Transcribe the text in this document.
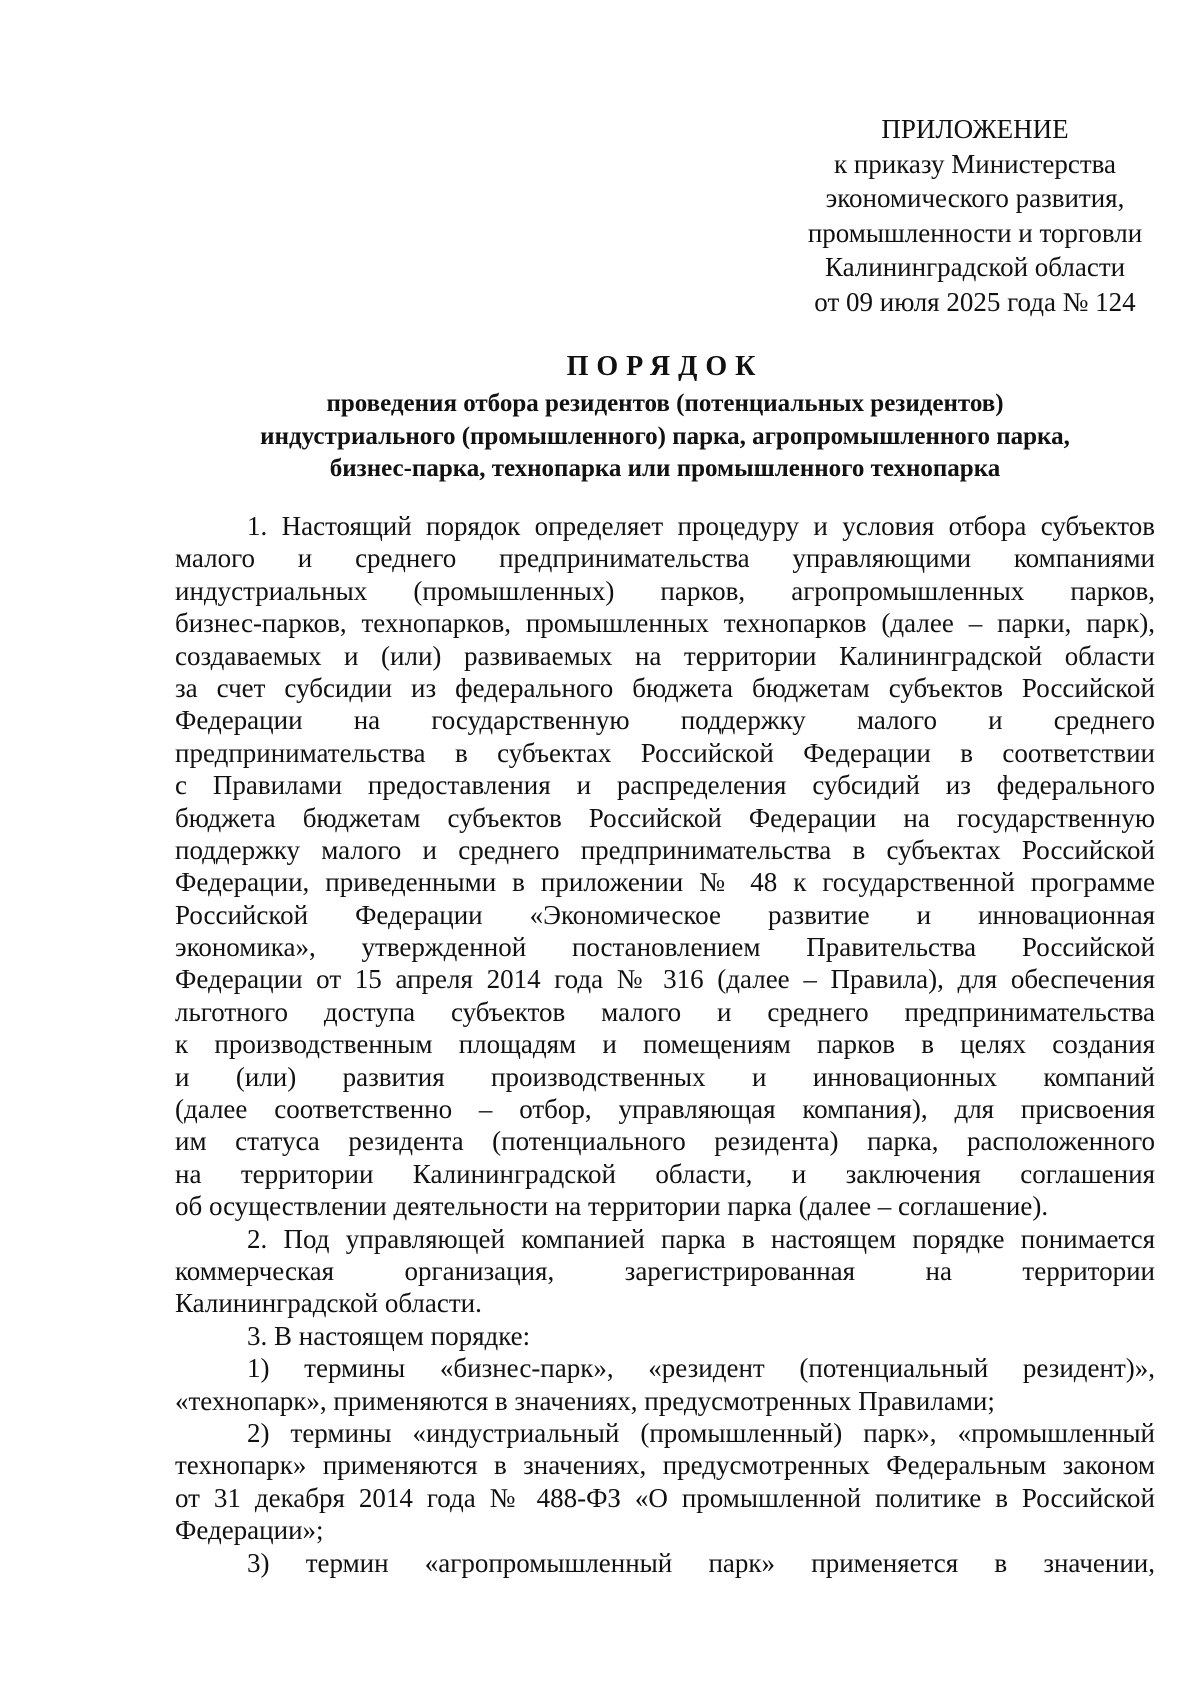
ПРИЛОЖЕНИЕ
к приказу Министерства
экономического развития,
промышленности и торговли
Калининградской области
от 09 июля 2025 года № 124
ПОРЯДОК
проведения отбора резидентов (потенциальных резидентов)
индустриального (промышленного) парка, агропромышленного парка,
бизнес-парка, технопарка или промышленного технопарка
1. Настоящий порядок определяет процедуру и условия отбора субъектов
малого и среднего предпринимательства управляющими компаниями
индустриальных (промышленных) парков, агропромышленных парков,
бизнес-парков, технопарков, промышленных технопарков (далее – парки, парк),
создаваемых и (или) развиваемых на территории Калининградской области
за счет субсидии из федерального бюджета бюджетам субъектов Российской
Федерации на государственную поддержку малого и среднего
предпринимательства в субъектах Российской Федерации в соответствии
с Правилами предоставления и распределения субсидий из федерального
бюджета бюджетам субъектов Российской Федерации на государственную
поддержку малого и среднего предпринимательства в субъектах Российской
Федерации, приведенными в приложении № 48 к государственной программе
Российской Федерации «Экономическое развитие и инновационная
экономика», утвержденной постановлением Правительства Российской
Федерации от 15 апреля 2014 года № 316 (далее – Правила), для обеспечения
льготного доступа субъектов малого и среднего предпринимательства
к производственным площадям и помещениям парков в целях создания
и (или) развития производственных и инновационных компаний
(далее соответственно – отбор, управляющая компания), для присвоения
им статуса резидента (потенциального резидента) парка, расположенного
на территории Калининградской области, и заключения соглашения
об осуществлении деятельности на территории парка (далее – соглашение).
2. Под управляющей компанией парка в настоящем порядке понимается
коммерческая организация, зарегистрированная на территории
Калининградской области.
3. В настоящем порядке:
1) термины «бизнес-парк», «резидент (потенциальный резидент)»,
«технопарк», применяются в значениях, предусмотренных Правилами;
2) термины «индустриальный (промышленный) парк», «промышленный
технопарк» применяются в значениях, предусмотренных Федеральным законом
от 31 декабря 2014 года № 488-ФЗ «О промышленной политике в Российской
Федерации»;
3) термин «агропромышленный парк» применяется в значении,
